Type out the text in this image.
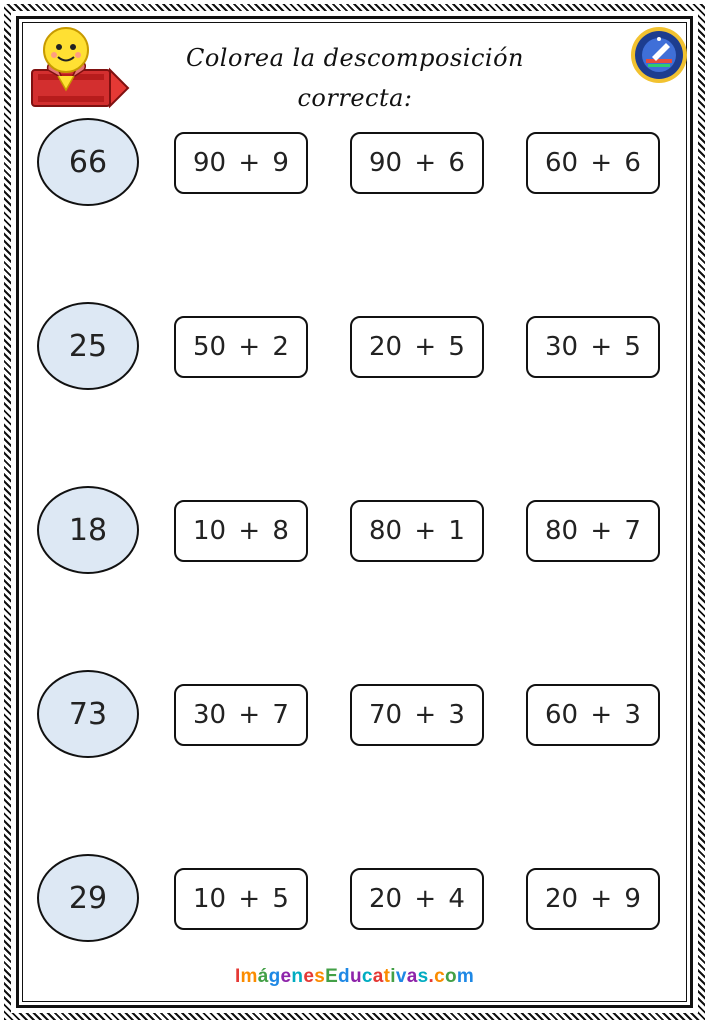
Colorea la descomposición
correcta:
66	90 + 9	90 + 6	60 + 6
25	50 + 2	20 + 5	30 + 5
18	10 + 8	80 + 1	80 + 7
73	30 + 7	70 + 3	60 + 3
29	10 + 5	20 + 4	20 + 9
ImágenesEducativas.com
